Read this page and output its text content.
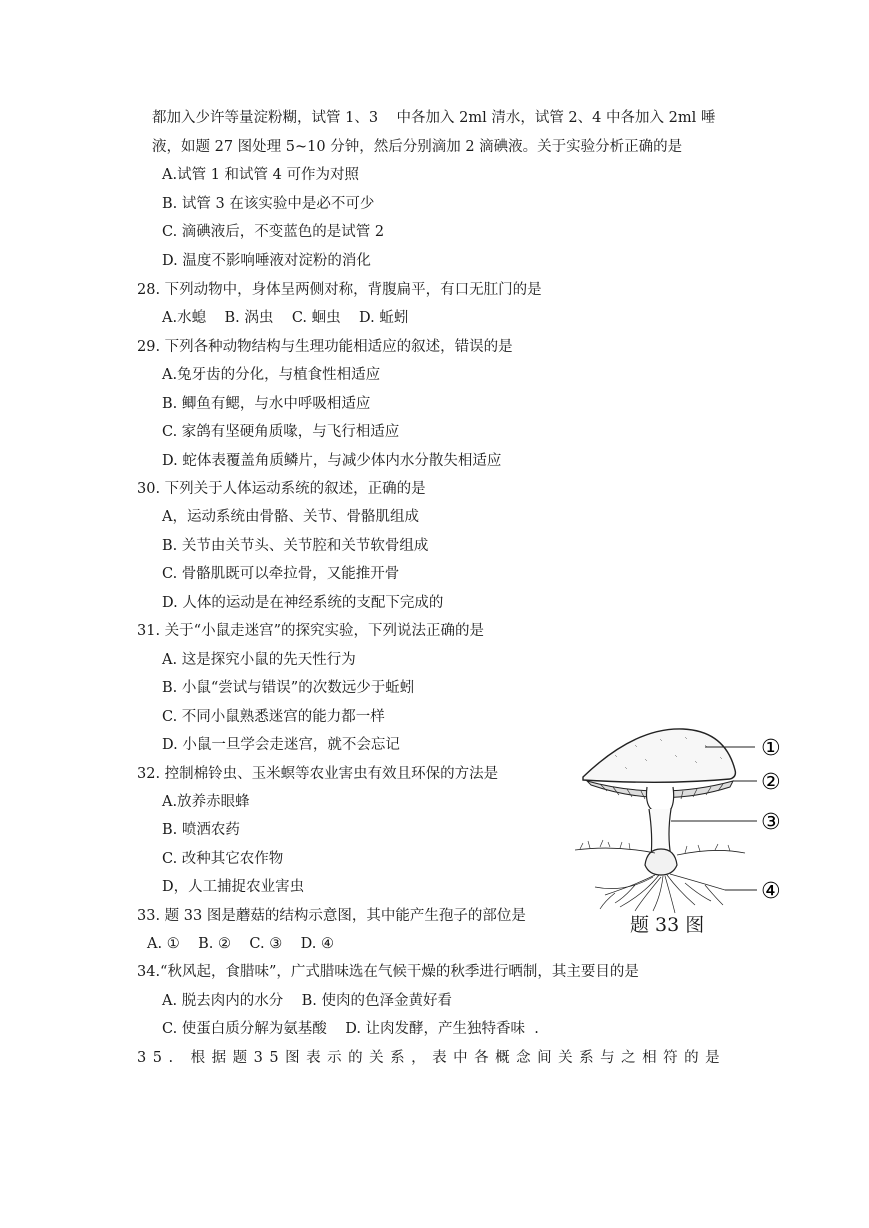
都加入少许等量淀粉糊，试管 1、3    中各加入 2ml 清水，试管 2、4 中各加入 2ml 唾
液，如题 27 图处理 5~10 分钟，然后分别滴加 2 滴碘液。关于实验分析正确的是
A.试管 1 和试管 4 可作为对照
B. 试管 3 在该实验中是必不可少
C. 滴碘液后，不变蓝色的是试管 2
D. 温度不影响唾液对淀粉的消化
28. 下列动物中，身体呈两侧对称，背腹扁平，有口无肛门的是
A.水螅    B. 涡虫    C. 蛔虫    D. 蚯蚓
29. 下列各种动物结构与生理功能相适应的叙述，错误的是
A.兔牙齿的分化，与植食性相适应
B. 鲫鱼有鳃，与水中呼吸相适应
C. 家鸽有坚硬角质喙，与飞行相适应
D. 蛇体表覆盖角质鳞片，与减少体内水分散失相适应
30. 下列关于人体运动系统的叙述，正确的是
A，运动系统由骨骼、关节、骨骼肌组成
B. 关节由关节头、关节腔和关节软骨组成
C. 骨骼肌既可以牵拉骨，又能推开骨
D. 人体的运动是在神经系统的支配下完成的
31. 关于“小鼠走迷宫”的探究实验，下列说法正确的是
A. 这是探究小鼠的先天性行为
B. 小鼠“尝试与错误”的次数远少于蚯蚓
C. 不同小鼠熟悉迷宫的能力都一样
D. 小鼠一旦学会走迷宫，就不会忘记
32. 控制棉铃虫、玉米螟等农业害虫有效且环保的方法是
A.放养赤眼蜂
B. 喷洒农药
C. 改种其它农作物
D，人工捕捉农业害虫
33. 题 33 图是蘑菇的结构示意图，其中能产生孢子的部位是
A. ①    B. ②    C. ③    D. ④
34.“秋风起，食腊味”，广式腊味选在气候干燥的秋季进行晒制，其主要目的是
A. 脱去肉内的水分    B. 使肉的色泽金黄好看
C. 使蛋白质分解为氨基酸    D. 让肉发酵，产生独特香味  .
35. 根据题35图表示的关系，表中各概念间关系与之相符的是
①
②
③
④
题 33 图
